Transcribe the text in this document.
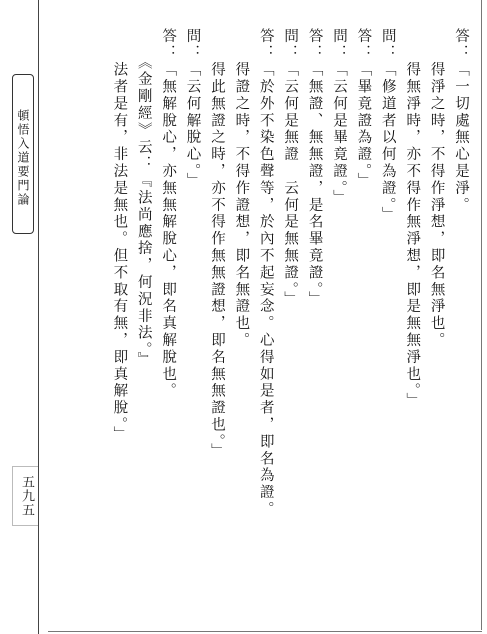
頓悟入道要門論
五九五
答：「一切處無心是淨。
　　得淨之時，不得作淨想，即名無淨也。
　　得無淨時，亦不得作無淨想，即是無無淨也。」
問：「修道者以何為證。」
答：「畢竟證為證。」
問：「云何是畢竟證。」
答：「無證、無無證，是名畢竟證。」
問：「云何是無證　云何是無無證。」
答：「於外不染色聲等，於內不起妄念。心得如是者，即名為證。
　　得證之時，不得作證想，即名無證也。
　　得此無證之時，亦不得作無無證想，即名無無證也。」
問：「云何解脫心。」
答：「無解脫心，亦無無解脫心，即名真解脫也。
　　《金剛經》云：『法尚應捨，何況非法。』
　　法者是有，非法是無也。但不取有無，即真解脫。」
